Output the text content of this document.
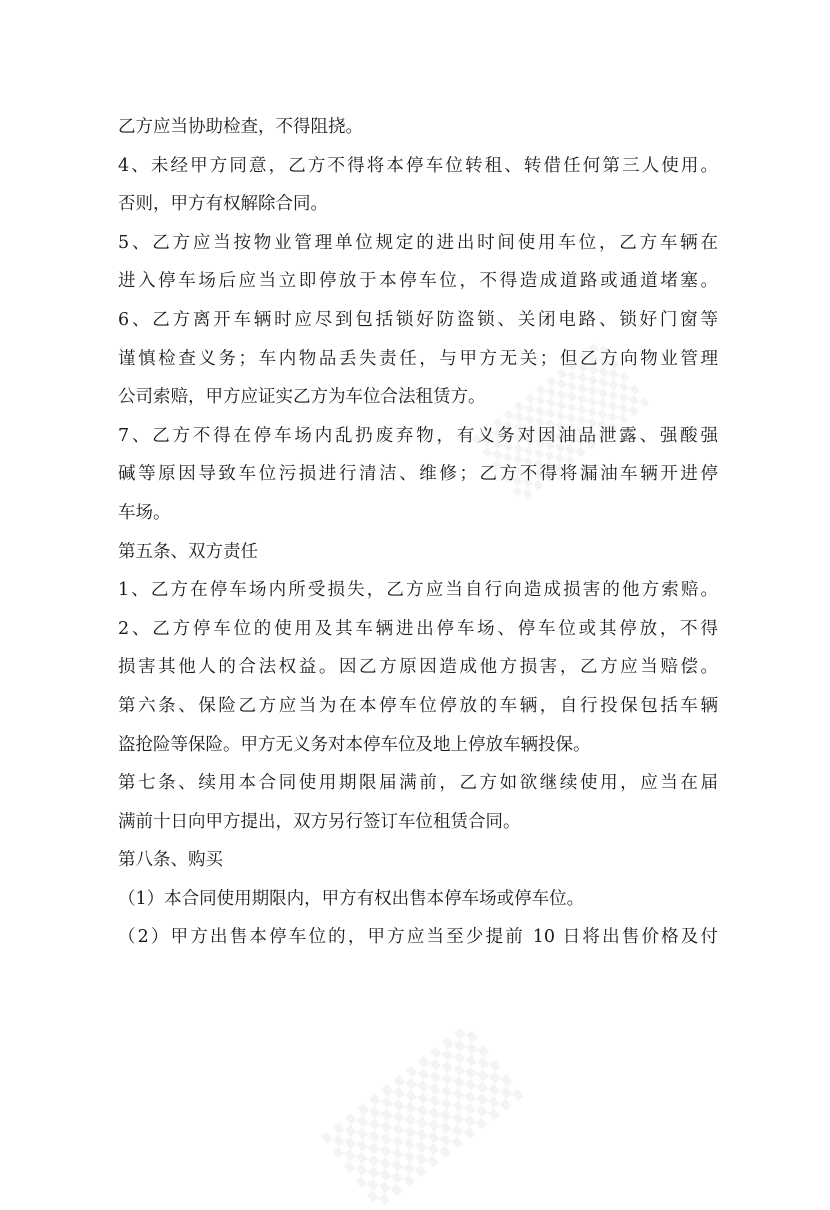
乙方应当协助检查，不得阻挠。
4、未经甲方同意，乙方不得将本停车位转租、转借任何第三人使用。
否则，甲方有权解除合同。
5、乙方应当按物业管理单位规定的进出时间使用车位，乙方车辆在
进入停车场后应当立即停放于本停车位，不得造成道路或通道堵塞。
6、乙方离开车辆时应尽到包括锁好防盗锁、关闭电路、锁好门窗等
谨慎检查义务；车内物品丢失责任，与甲方无关；但乙方向物业管理
公司索赔，甲方应证实乙方为车位合法租赁方。
7、乙方不得在停车场内乱扔废弃物，有义务对因油品泄露、强酸强
碱等原因导致车位污损进行清洁、维修；乙方不得将漏油车辆开进停
车场。
第五条、双方责任
1、乙方在停车场内所受损失，乙方应当自行向造成损害的他方索赔。
2、乙方停车位的使用及其车辆进出停车场、停车位或其停放，不得
损害其他人的合法权益。因乙方原因造成他方损害，乙方应当赔偿。
第六条、保险乙方应当为在本停车位停放的车辆，自行投保包括车辆
盗抢险等保险。甲方无义务对本停车位及地上停放车辆投保。
第七条、续用本合同使用期限届满前，乙方如欲继续使用，应当在届
满前十日向甲方提出，双方另行签订车位租赁合同。
第八条、购买
（1）本合同使用期限内，甲方有权出售本停车场或停车位。
（2）甲方出售本停车位的，甲方应当至少提前 10 日将出售价格及付
